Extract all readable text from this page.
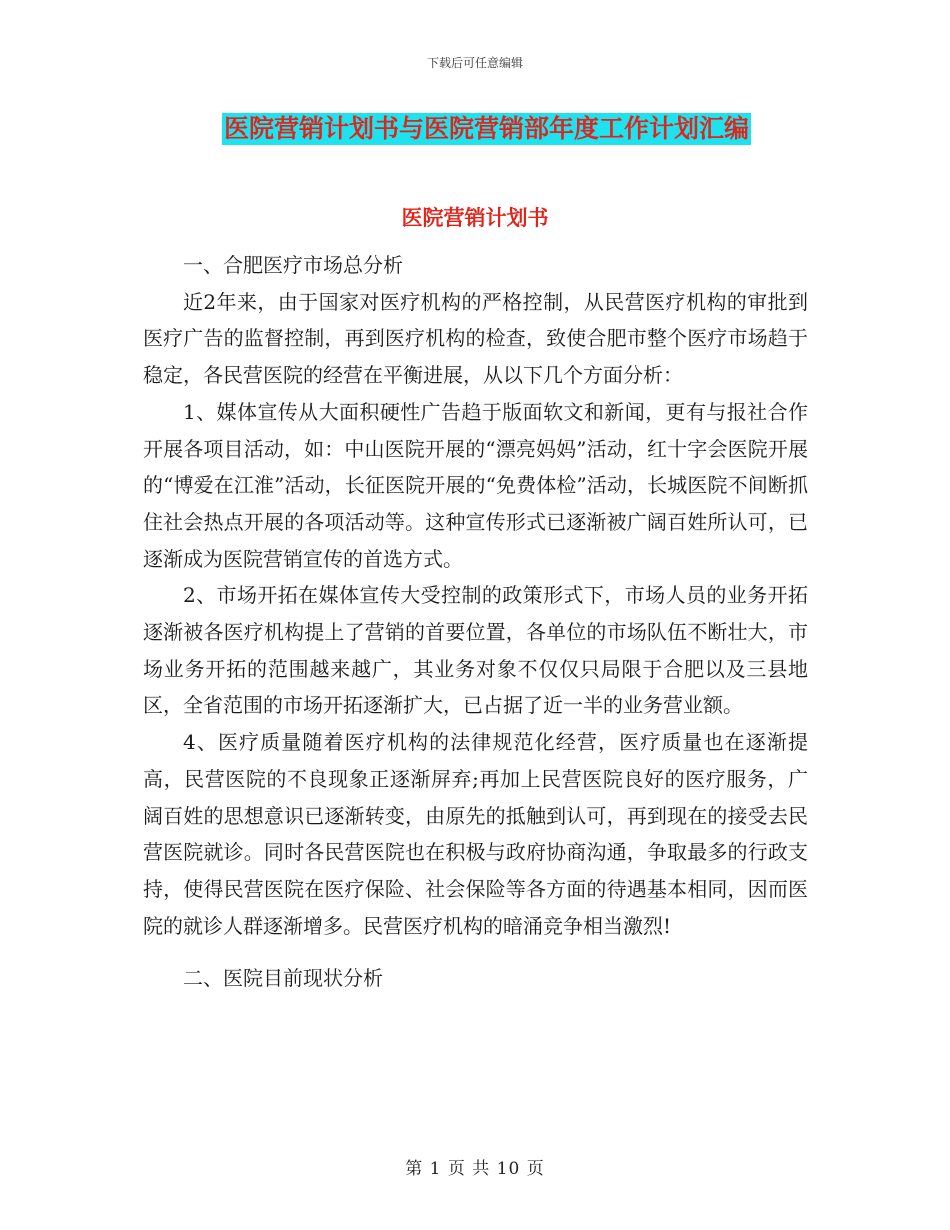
下载后可任意编辑
医院营销计划书与医院营销部年度工作计划汇编
医院营销计划书

一、合肥医疗市场总分析

近2年来，由于国家对医疗机构的严格控制，从民营医疗机构的审批到医疗广告的监督控制，再到医疗机构的检查，致使合肥市整个医疗市场趋于稳定，各民营医院的经营在平衡进展，从以下几个方面分析：

1、媒体宣传从大面积硬性广告趋于版面软文和新闻，更有与报社合作开展各项目活动，如：中山医院开展的“漂亮妈妈”活动，红十字会医院开展的“博爱在江淮”活动，长征医院开展的“免费体检”活动，长城医院不间断抓住社会热点开展的各项活动等。这种宣传形式已逐渐被广阔百姓所认可，已逐渐成为医院营销宣传的首选方式。

2、市场开拓在媒体宣传大受控制的政策形式下，市场人员的业务开拓逐渐被各医疗机构提上了营销的首要位置，各单位的市场队伍不断壮大，市场业务开拓的范围越来越广，其业务对象不仅仅只局限于合肥以及三县地区，全省范围的市场开拓逐渐扩大，已占据了近一半的业务营业额。

4、医疗质量随着医疗机构的法律规范化经营，医疗质量也在逐渐提高，民营医院的不良现象正逐渐屏弃;再加上民营医院良好的医疗服务，广阔百姓的思想意识已逐渐转变，由原先的抵触到认可，再到现在的接受去民营医院就诊。同时各民营医院也在积极与政府协商沟通，争取最多的行政支持，使得民营医院在医疗保险、社会保险等各方面的待遇基本相同，因而医院的就诊人群逐渐增多。民营医疗机构的暗涌竞争相当激烈!

二、医院目前现状分析

第 1 页 共 10 页
